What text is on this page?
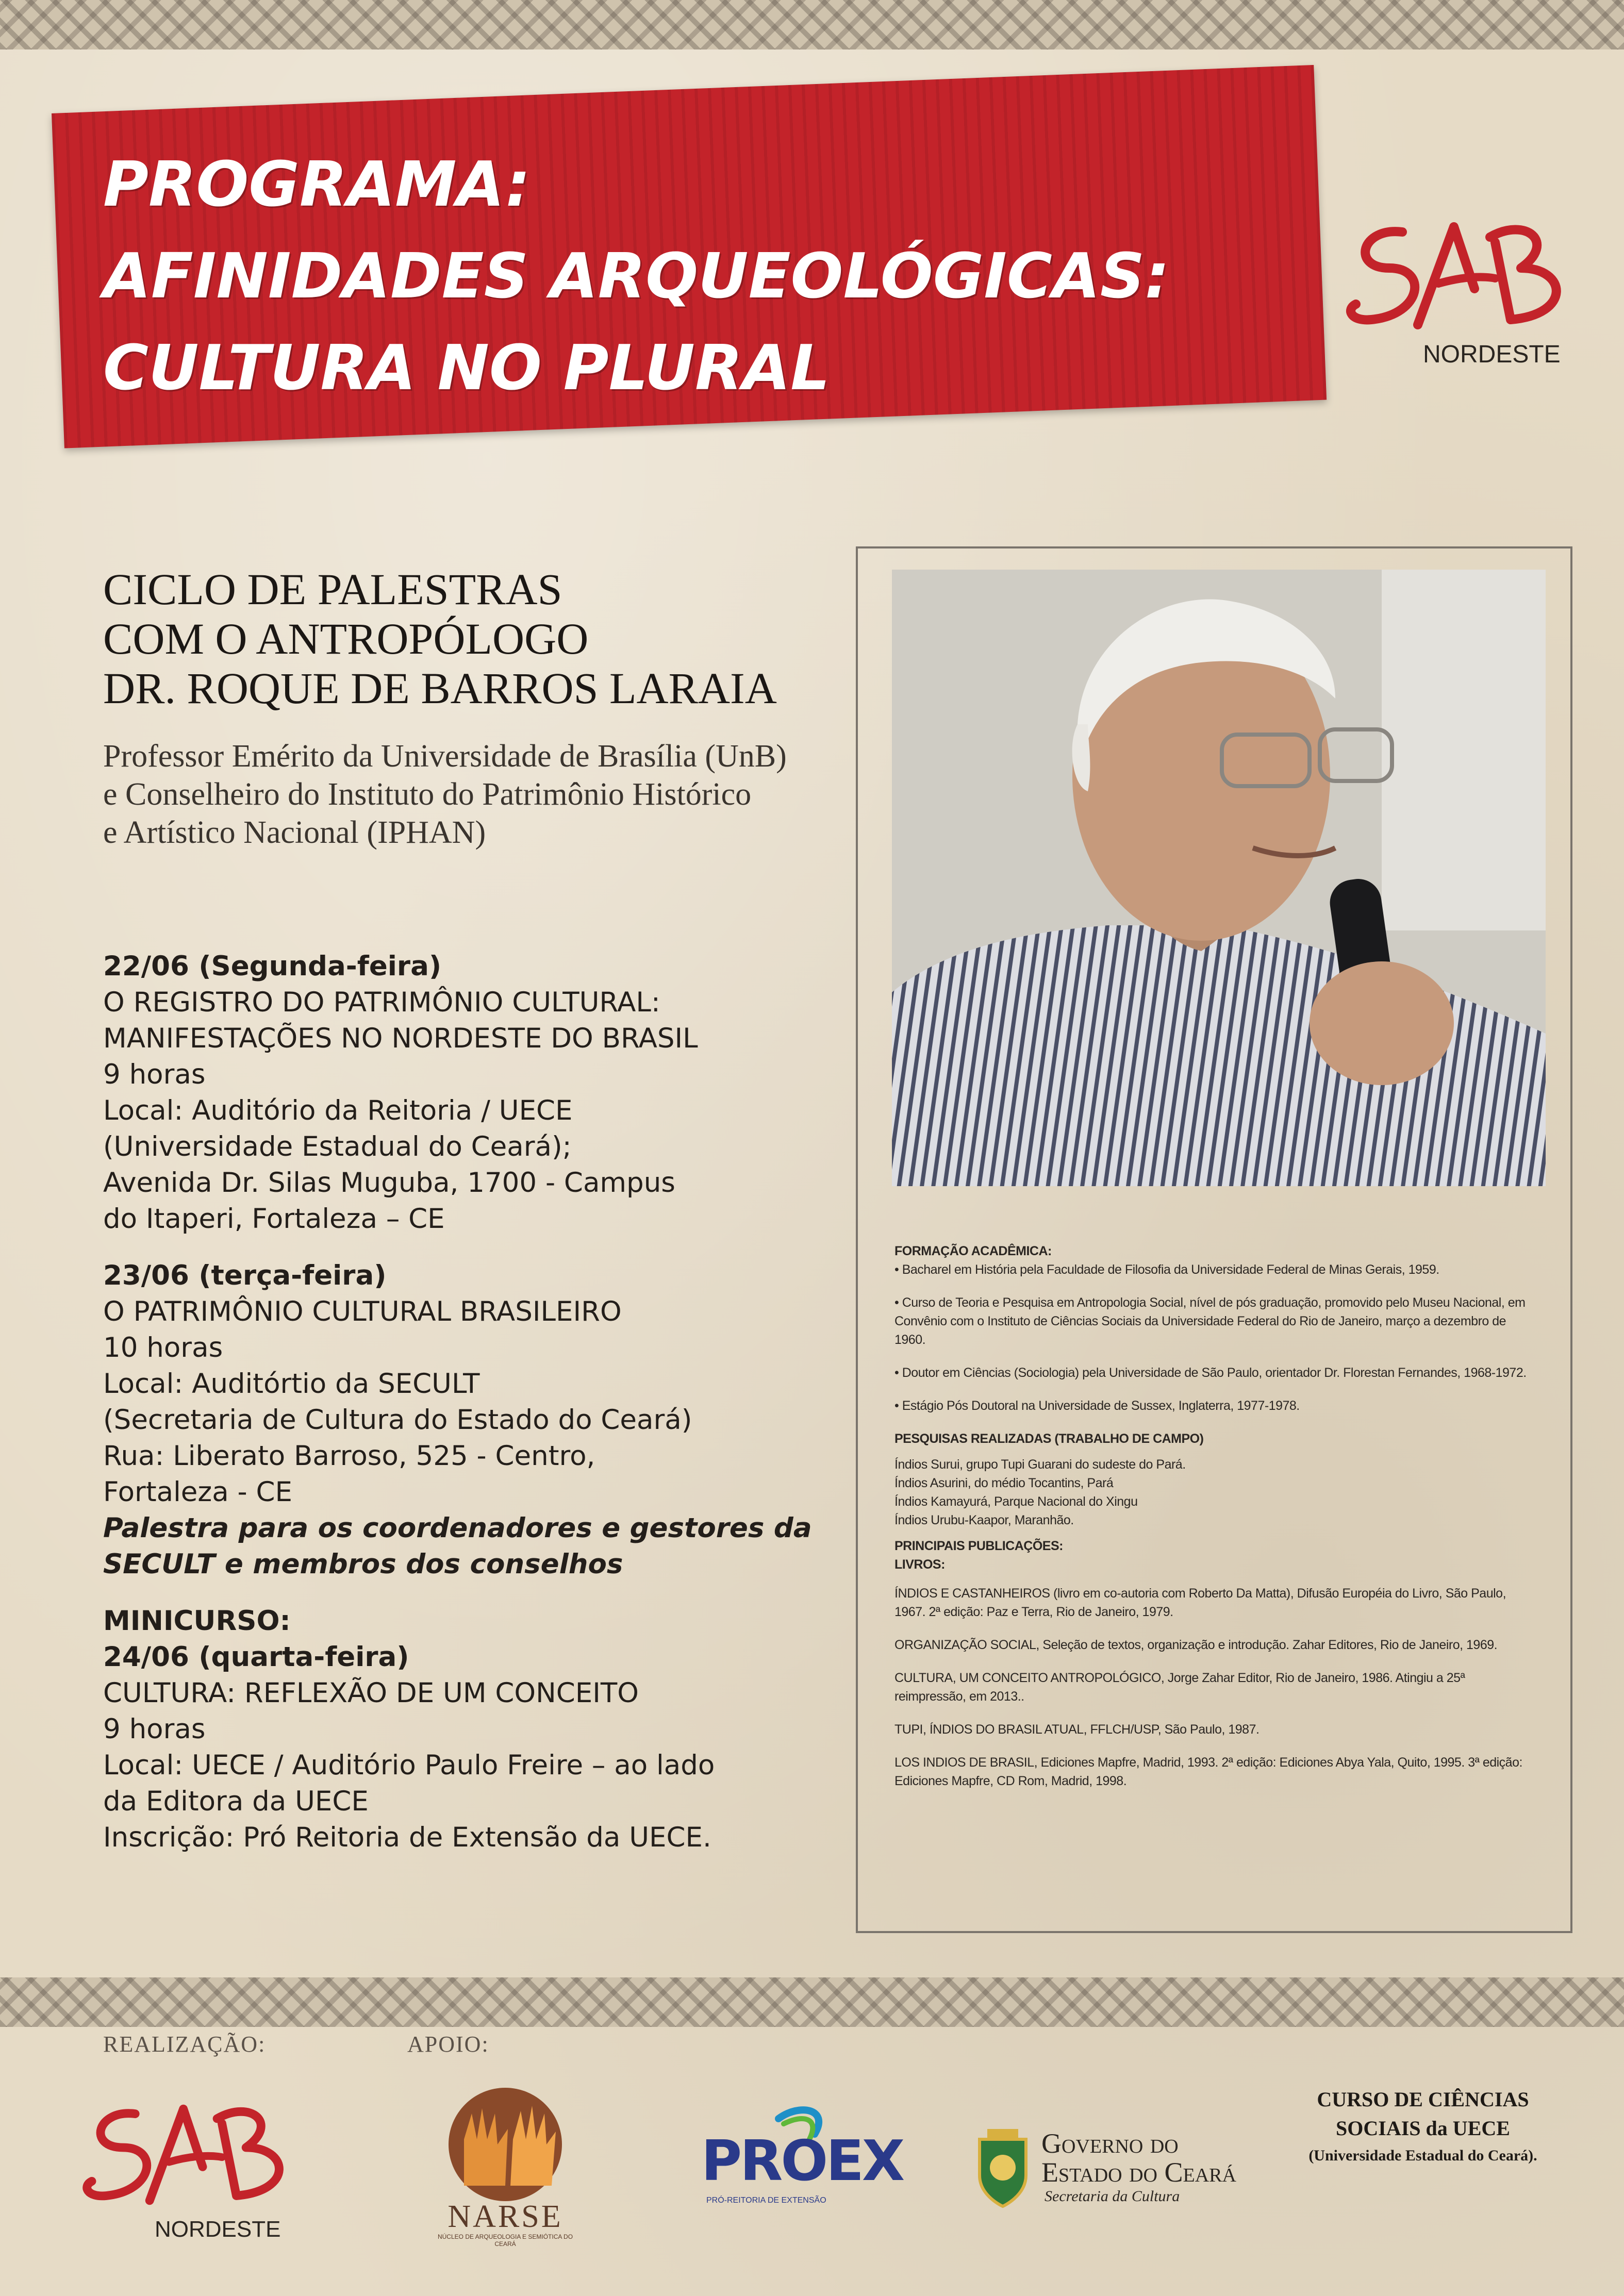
PROGRAMA:
AFINIDADES ARQUEOLÓGICAS:
CULTURA NO PLURAL	NORDESTE
CICLO DE PALESTRAS
COM O ANTROPÓLOGO
DR. ROQUE DE BARROS LARAIA
Professor Emérito da Universidade de Brasília (UnB)
e Conselheiro do Instituto do Patrimônio Histórico
e Artístico Nacional (IPHAN)
22/06 (Segunda-feira)
O REGISTRO DO PATRIMÔNIO CULTURAL:
MANIFESTAÇÕES NO NORDESTE DO BRASIL
9 horas
Local: Auditório da Reitoria / UECE
(Universidade Estadual do Ceará);
Avenida Dr. Silas Muguba, 1700 - Campus
do Itaperi, Fortaleza – CE
23/06 (terça-feira)
O PATRIMÔNIO CULTURAL BRASILEIRO
10 horas
Local: Auditórtio da SECULT
(Secretaria de Cultura do Estado do Ceará)
Rua: Liberato Barroso, 525 - Centro,
Fortaleza - CE
Palestra para os coordenadores e gestores da
SECULT e membros dos conselhos
MINICURSO:
24/06 (quarta-feira)
CULTURA: REFLEXÃO DE UM CONCEITO
9 horas
Local: UECE / Auditório Paulo Freire – ao lado
da Editora da UECE
Inscrição: Pró Reitoria de Extensão da UECE.
FORMAÇÃO ACADÊMICA:

• Bacharel em História pela Faculdade de Filosofia da Universidade Federal de Minas Gerais, 1959.

• Curso de Teoria e Pesquisa em Antropologia Social, nível de pós graduação, promovido pelo Museu Nacional, em Convênio com o Instituto de Ciências Sociais da Universidade Federal do Rio de Janeiro, março a dezembro de 1960.

• Doutor em Ciências (Sociologia) pela Universidade de São Paulo, orientador Dr. Florestan Fernandes, 1968-1972.

• Estágio Pós Doutoral na Universidade de Sussex, Inglaterra, 1977-1978.

PESQUISAS REALIZADAS (TRABALHO DE CAMPO)
Índios Surui, grupo Tupi Guarani do sudeste do Pará.
Índios Asurini, do médio Tocantins, Pará
Índios Kamayurá, Parque Nacional do Xingu
Índios Urubu-Kaapor, Maranhão.
PRINCIPAIS PUBLICAÇÕES:
LIVROS:

ÍNDIOS E CASTANHEIROS (livro em co-autoria com Roberto Da Matta), Difusão Européia do Livro, São Paulo, 1967. 2ª edição: Paz e Terra, Rio de Janeiro, 1979.

ORGANIZAÇÃO SOCIAL, Seleção de textos, organização e introdução. Zahar Editores, Rio de Janeiro, 1969.

CULTURA, UM CONCEITO ANTROPOLÓGICO, Jorge Zahar Editor, Rio de Janeiro, 1986. Atingiu a 25ª reimpressão, em 2013..

TUPI, ÍNDIOS DO BRASIL ATUAL, FFLCH/USP, São Paulo, 1987.

LOS INDIOS DE BRASIL, Ediciones Mapfre, Madrid, 1993. 2ª edição: Ediciones Abya Yala, Quito, 1995. 3ª edição: Ediciones Mapfre, CD Rom, Madrid, 1998.

REALIZAÇÃO:	APOIO:
NORDESTE	NARSE
NÚCLEO DE ARQUEOLOGIA E SEMIÓTICA DO CEARÁ
PROEX
PRÓ-REITORIA DE EXTENSÃO
Governo do
Estado do Ceará
Secretaria da Cultura
CURSO DE CIÊNCIAS
SOCIAIS da UECE
(Universidade Estadual do Ceará).
